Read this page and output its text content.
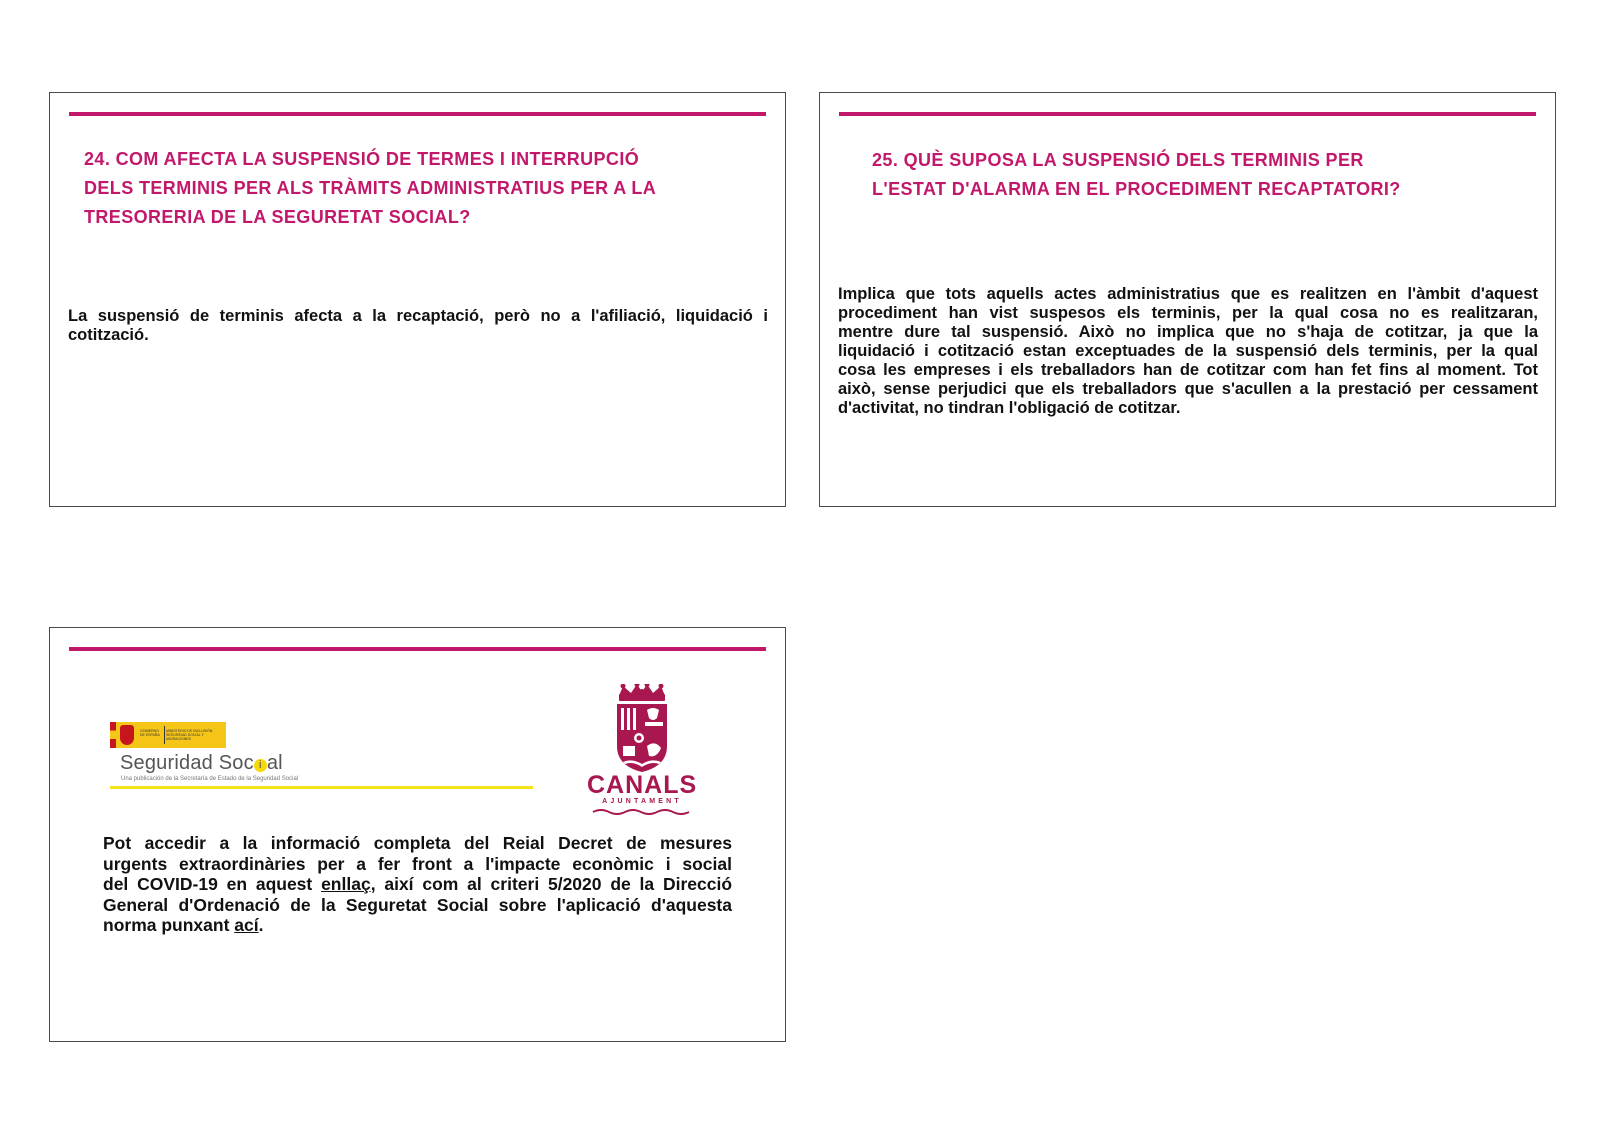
24. COM AFECTA LA SUSPENSIÓ DE TERMES I INTERRUPCIÓ
DELS TERMINIS PER ALS TRÀMITS ADMINISTRATIUS PER A LA
TRESORERIA DE LA SEGURETAT SOCIAL?
La suspensió de terminis afecta a la recaptació, però no a l'afiliació, liquidació i
cotització.
25. QUÈ SUPOSA LA SUSPENSIÓ DELS TERMINIS PER
L'ESTAT D'ALARMA EN EL PROCEDIMENT RECAPTATORI?
Implica que tots aquells actes administratius que es realitzen en l'àmbit d'aquest
procediment han vist suspesos els terminis, per la qual cosa no es realitzaran,
mentre dure tal suspensió. Això no implica que no s'haja de cotitzar, ja que la
liquidació i cotització estan exceptuades de la suspensió dels terminis, per la qual
cosa les empreses i els treballadors han de cotitzar com han fet fins al moment. Tot
això, sense perjudici que els treballadors que s'acullen a la prestació per cessament
d'activitat, no tindran l'obligació de cotitzar.
GOBIERNO DE ESPAÑA
MINISTERIO DE INCLUSIÓN, SEGURIDAD SOCIAL Y MIGRACIONES
Seguridad Soc i al
Una publicación de la Secretaría de Estado de la Seguridad Social	CANALS
AJUNTAMENT
Pot accedir a la informació completa del Reial Decret de mesures
urgents extraordinàries per a fer front a l'impacte econòmic i social
del COVID-19 en aquest enllaç, així com al criteri 5/2020 de la Direcció
General d'Ordenació de la Seguretat Social sobre l'aplicació d'aquesta
norma punxant ací.
